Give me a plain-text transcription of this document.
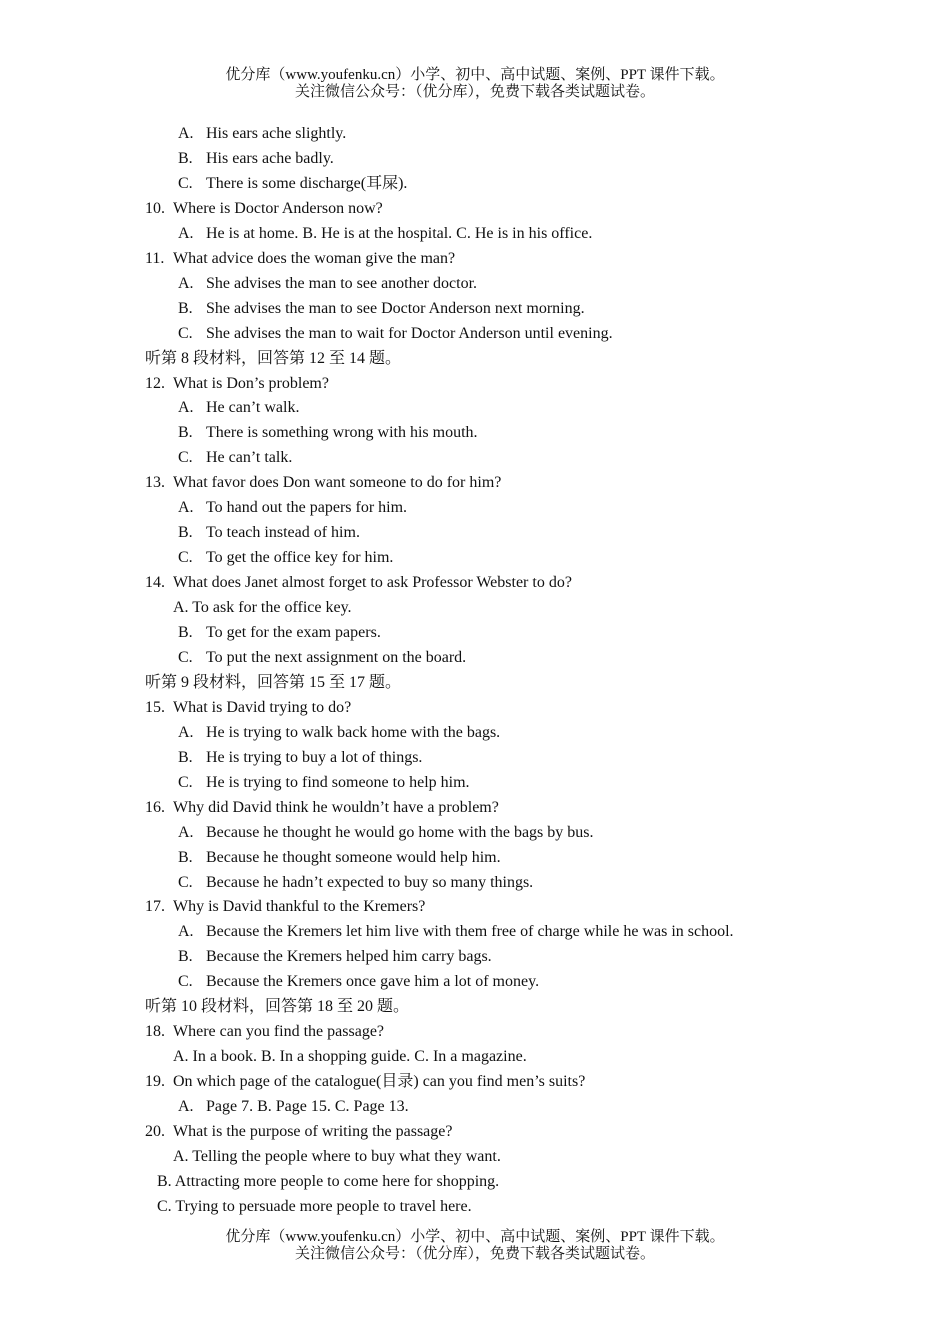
优分库（www.youfenku.cn）小学、初中、高中试题、案例、PPT 课件下载。
关注微信公众号：（优分库），免费下载各类试题试卷。
A. His ears ache slightly.
B. His ears ache badly.
C. There is some discharge(耳屎).
10. Where is Doctor Anderson now?
A. He is at home. B. He is at the hospital. C. He is in his office.
11. What advice does the woman give the man?
A. She advises the man to see another doctor.
B. She advises the man to see Doctor Anderson next morning.
C. She advises the man to wait for Doctor Anderson until evening.
听第 8 段材料，回答第 12 至 14 题。
12. What is Don’s problem?
A. He can’t walk.
B. There is something wrong with his mouth.
C. He can’t talk.
13. What favor does Don want someone to do for him?
A. To hand out the papers for him.
B. To teach instead of him.
C. To get the office key for him.
14. What does Janet almost forget to ask Professor Webster to do?
A. To ask for the office key.
B. To get for the exam papers.
C. To put the next assignment on the board.
听第 9 段材料，回答第 15 至 17 题。
15. What is David trying to do?
A. He is trying to walk back home with the bags.
B. He is trying to buy a lot of things.
C. He is trying to find someone to help him.
16. Why did David think he wouldn’t have a problem?
A. Because he thought he would go home with the bags by bus.
B. Because he thought someone would help him.
C. Because he hadn’t expected to buy so many things.
17. Why is David thankful to the Kremers?
A. Because the Kremers let him live with them free of charge while he was in school.
B. Because the Kremers helped him carry bags.
C. Because the Kremers once gave him a lot of money.
听第 10 段材料，回答第 18 至 20 题。
18. Where can you find the passage?
A. In a book. B. In a shopping guide. C. In a magazine.
19. On which page of the catalogue(目录) can you find men’s suits?
A. Page 7. B. Page 15. C. Page 13.
20. What is the purpose of writing the passage?
A. Telling the people where to buy what they want.
B. Attracting more people to come here for shopping.
C. Trying to persuade more people to travel here.
优分库（www.youfenku.cn）小学、初中、高中试题、案例、PPT 课件下载。
关注微信公众号：（优分库），免费下载各类试题试卷。
